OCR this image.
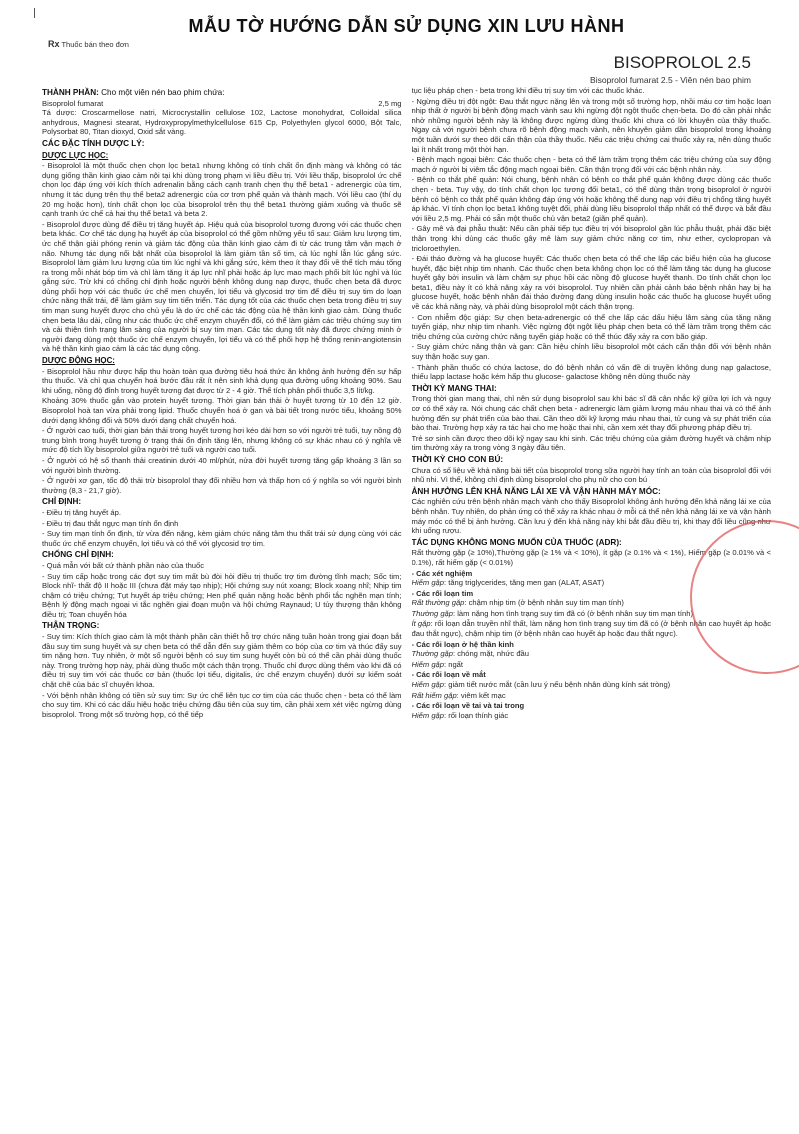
MẪU TỜ HƯỚNG DẪN SỬ DỤNG XIN LƯU HÀNH
Rx Thuốc bán theo đơn
BISOPROLOL 2.5
Bisoprolol fumarat 2.5 - Viên nén bao phim
THÀNH PHẦN: Cho một viên nén bao phim chứa:
Bisoprolol fumarat	2,5 mg

Tá dược: Croscarmellose natri, Microcrystallin cellulose 102, Lactose monohydrat, Colloidal silica anhydrous, Magnesi stearat, Hydroxypropylmethylcellulose 615 Cp, Polyethylen glycol 6000, Bột Talc, Polysorbat 80, Titan dioxyd, Oxid sắt vàng.

CÁC ĐẶC TÍNH DƯỢC LÝ:
DƯỢC LỰC HỌC:

- Bisoprolol là một thuốc chẹn chọn lọc beta1 nhưng không có tính chất ổn định màng và không có tác dụng giống thần kinh giao cảm nội tại khi dùng trong phạm vi liều điều trị. Với liều thấp, bisoprolol ức chế chọn lọc đáp ứng với kích thích adrenalin bằng cách cạnh tranh chẹn thụ thể beta1 - adrenergic của tim, nhưng ít tác dụng trên thụ thể beta2 adrenergic của cơ trơn phế quản và thành mạch. Với liều cao (thí dụ 20 mg hoặc hơn), tính chất chọn lọc của bisoprolol trên thụ thể beta1 thường giảm xuống và thuốc sẽ cạnh tranh ức chế cả hai thụ thể beta1 và beta 2.

- Bisoprolol được dùng để điều trị tăng huyết áp. Hiệu quả của bisoprolol tương đương với các thuốc chẹn beta khác. Cơ chế tác dụng hạ huyết áp của bisoprolol có thể gồm những yếu tố sau: Giảm lưu lượng tim, ức chế thận giải phóng renin và giảm tác động của thần kinh giao cảm đi từ các trung tâm vận mạch ở não. Nhưng tác dụng nổi bật nhất của bisoprolol là làm giảm tần số tim, cả lúc nghỉ lẫn lúc gắng sức. Bisoprolol làm giảm lưu lượng của tim lúc nghỉ và khi gắng sức, kèm theo ít thay đổi về thể tích máu tống ra trong mỗi nhát bóp tim và chỉ làm tăng ít áp lực nhĩ phải hoặc áp lực mao mạch phổi bít lúc nghỉ và lúc gắng sức. Trừ khi có chống chỉ định hoặc người bệnh không dung nạp được, thuốc chẹn beta đã được dùng phối hợp với các thuốc ức chế men chuyển, lợi tiểu và glycosid trợ tim để điều trị suy tim do loạn chức năng thất trái, để làm giảm suy tim tiến triển. Tác dụng tốt của các thuốc chẹn beta trong điều trị suy tim mạn sung huyết được cho chủ yếu là do ức chế các tác động của hệ thần kinh giao cảm. Dùng thuốc chẹn beta lâu dài, cũng như các thuốc ức chế enzym chuyển đổi, có thể làm giảm các triệu chứng suy tim và cải thiện tình trạng lâm sàng của người bị suy tim mạn. Các tác dụng tốt này đã được chứng minh ở người đang dùng một thuốc ức chế enzym chuyển, lợi tiểu và có thể phối hợp hệ thống renin-angiotensin và hệ thần kinh giao cảm là các tác dụng cộng.

DƯỢC ĐỘNG HỌC:

- Bisoprolol hầu như được hấp thu hoàn toàn qua đường tiêu hoá thức ăn không ảnh hưởng đến sự hấp thu thuốc. Và chỉ qua chuyển hoá bước đầu rất ít nên sinh khả dụng qua đường uống khoảng 90%. Sau khi uống, nồng độ đỉnh trong huyết tương đạt được từ 2 - 4 giờ. Thể tích phân phối thuốc 3,5 lít/kg.

Khoảng 30% thuốc gắn vào protein huyết tương. Thời gian bán thải ở huyết tương từ 10 đến 12 giờ. Bisoprolol hoà tan vừa phải trong lipid. Thuốc chuyển hoá ở gan và bài tiết trong nước tiểu, khoảng 50% dưới dạng không đổi và 50% dưới dạng chất chuyển hoá.

- Ở người cao tuổi, thời gian bán thải trong huyết tương hơi kéo dài hơn so với người trẻ tuổi, tuy nồng độ trung bình trong huyết tương ở trạng thái ổn định tăng lên, nhưng không có sự khác nhau có ý nghĩa về mức độ tích lũy bisoprolol giữa người trẻ tuổi và người cao tuổi.

- Ở người có hệ số thanh thải creatinin dưới 40 ml/phút, nửa đời huyết tương tăng gấp khoảng 3 lần so với người bình thường.

- Ở người xơ gan, tốc độ thải trừ bisoprolol thay đổi nhiều hơn và thấp hơn có ý nghĩa so với người bình thường (8,3 - 21,7 giờ).

CHỈ ĐỊNH:

- Điều trị tăng huyết áp.

- Điều trị đau thắt ngực mạn tính ổn định

- Suy tim mạn tính ổn định, từ vừa đến nặng, kèm giảm chức năng tâm thu thất trái sử dụng cùng với các thuốc ức chế enzym chuyển, lợi tiểu và có thể với glycosid trợ tim.

CHỐNG CHỈ ĐỊNH:

- Quá mẫn với bất cứ thành phần nào của thuốc

- Suy tim cấp hoặc trong các đợt suy tim mất bù đòi hỏi điều trị thuốc trợ tim đường tĩnh mạch; Sốc tim; Block nhĩ- thất độ II hoặc III (chưa đặt máy tạo nhịp); Hội chứng suy nút xoang; Block xoang nhĩ; Nhịp tim chậm có triệu chứng; Tụt huyết áp triệu chứng; Hen phế quản nặng hoặc bệnh phổi tắc nghẽn mạn tính; Bệnh lý động mạch ngoại vi tắc nghẽn giai đoạn muộn và hội chứng Raynaud; U tủy thượng thận không điều trị; Toan chuyển hóa

THẬN TRỌNG:

- Suy tim: Kích thích giao cảm là một thành phần cần thiết hỗ trợ chức năng tuần hoàn trong giai đoạn bắt đầu suy tim sung huyết và sự chẹn beta có thể dẫn đến suy giảm thêm co bóp của cơ tim và thúc đẩy suy tim nặng hơn. Tuy nhiên, ở một số người bệnh có suy tim sung huyết còn bù có thể cần phải dùng thuốc này. Trong trường hợp này, phải dùng thuốc một cách thận trọng. Thuốc chỉ được dùng thêm vào khi đã có điều trị suy tim với các thuốc cơ bản (thuốc lợi tiểu, digitalis, ức chế enzym chuyển) dưới sự kiểm soát chặt chẽ của bác sĩ chuyên khoa.

- Với bệnh nhân không có tiền sử suy tim: Sự ức chế liên tục cơ tim của các thuốc chẹn - beta có thể làm cho suy tim. Khi có các dấu hiệu hoặc triệu chứng đầu tiên của suy tim, cần phải xem xét việc ngừng dùng bisoprolol. Trong một số trường hợp, có thể tiếp

tục liệu pháp chẹn - beta trong khi điều trị suy tim với các thuốc khác.

- Ngừng điều trị đột ngột: Đau thắt ngực nặng lên và trong một số trường hợp, nhồi máu cơ tim hoặc loạn nhịp thất ở người bị bệnh động mạch vành sau khi ngừng đột ngột thuốc chẹn-beta. Do đó cần phải nhắc nhở những người bệnh này là không được ngừng dùng thuốc khi chưa có lời khuyên của thầy thuốc. Ngay cả với người bệnh chưa rõ bệnh động mạch vành, nên khuyên giảm dần bisoprolol trong khoảng một tuần dưới sự theo dõi cẩn thận của thầy thuốc. Nếu các triệu chứng cai thuốc xảy ra, nên dùng thuốc lại ít nhất trong một thời hạn.

- Bệnh mạch ngoại biên: Các thuốc chẹn - beta có thể làm trầm trọng thêm các triệu chứng của suy động mạch ở người bị viêm tắc động mạch ngoại biên. Cần thận trọng đối với các bệnh nhân này.

- Bệnh co thắt phế quản: Nói chung, bệnh nhân có bệnh co thắt phế quản không được dùng các thuốc chẹn - beta. Tuy vậy, do tính chất chọn lọc tương đối beta1, có thể dùng thận trọng bisoprolol ở người bệnh có bệnh co thắt phế quản không đáp ứng với hoặc không thể dung nạp với điều trị chống tăng huyết áp khác. Vì tính chọn lọc beta1 không tuyệt đối, phải dùng liều bisoprolol thấp nhất có thể được và bắt đầu với liều 2,5 mg. Phải có sẵn một thuốc chủ vận beta2 (giãn phế quản).

- Gây mê và đại phẫu thuật: Nếu cần phải tiếp tục điều trị với bisoprolol gần lúc phẫu thuật, phải đặc biệt thận trọng khi dùng các thuốc gây mê làm suy giảm chức năng cơ tim, như ether, cyclopropan và tricloroethylen.

- Đái tháo đường và hạ glucose huyết: Các thuốc chẹn beta có thể che lấp các biểu hiện của hạ glucose huyết, đặc biệt nhịp tim nhanh. Các thuốc chẹn beta không chọn lọc có thể làm tăng tác dụng hạ glucose huyết gây bởi insulin và làm chậm sự phục hồi các nồng độ glucose huyết thanh. Do tính chất chọn lọc beta1, điều này ít có khả năng xảy ra với bisoprolol. Tuy nhiên cần phải cảnh báo bệnh nhân hay bị hạ glucose huyết, hoặc bệnh nhân đái tháo đường đang dùng insulin hoặc các thuốc hạ glucose huyết uống về các khả năng này, và phải dùng bisoprolol một cách thận trọng.

- Cơn nhiễm độc giáp: Sự chẹn beta-adrenergic có thể che lấp các dấu hiệu lâm sàng của tăng năng tuyến giáp, như nhịp tim nhanh. Việc ngừng đột ngột liệu pháp chẹn beta có thể làm trầm trọng thêm các triệu chứng của cường chức năng tuyến giáp hoặc có thể thúc đẩy xảy ra cơn bão giáp.

- Suy giảm chức năng thận và gan: Cần hiệu chỉnh liều bisoprolol một cách cẩn thận đối với bệnh nhân suy thận hoặc suy gan.

- Thành phần thuốc có chứa lactose, do đó bệnh nhân có vấn đề di truyền không dung nạp galactose, thiếu lapp lactase hoặc kém hấp thu glucose- galactose không nên dùng thuốc này

THỜI KỲ MANG THAI:

Trong thời gian mang thai, chỉ nên sử dụng bisoprolol sau khi bác sĩ đã cân nhắc kỹ giữa lợi ích và nguy cơ có thể xảy ra. Nói chung các chất chẹn beta - adrenergic làm giảm lượng máu nhau thai và có thể ảnh hưởng đến sự phát triển của bào thai. Cần theo dõi kỹ lượng máu nhau thai, tử cung và sự phát triển của bào thai. Trường hợp xảy ra tác hại cho mẹ hoặc thai nhi, cần xem xét thay đổi phương pháp điều trị.

Trẻ sơ sinh cần được theo dõi kỹ ngay sau khi sinh. Các triệu chứng của giảm đường huyết và chậm nhịp tim thường xảy ra trong vòng 3 ngày đầu tiên.

THỜI KỲ CHO CON BÚ:

Chưa có số liệu về khả năng bài tiết của bisoprolol trong sữa người hay tính an toàn của bisoprolol đối với nhũ nhi. Vì thế, không chỉ định dùng bisoprolol cho phụ nữ cho con bú

ẢNH HƯỞNG LÊN KHẢ NĂNG LÁI XE VÀ VẬN HÀNH MÁY MÓC:

Các nghiên cứu trên bệnh nhân mạch vành cho thấy Bisoprolol không ảnh hưởng đến khả năng lái xe của bệnh nhân. Tuy nhiên, do phản ứng có thể xảy ra khác nhau ở mỗi cá thể nên khả năng lái xe và vận hành máy móc có thể bị ảnh hưởng. Cần lưu ý đến khả năng này khi bắt đầu điều trị, khi thay đổi liều cũng như khi uống rượu.

TÁC DỤNG KHÔNG MONG MUỐN CỦA THUỐC (ADR):

Rất thường gặp (≥ 10%),Thường gặp (≥ 1% và < 10%), ít gặp (≥ 0.1% và < 1%), Hiếm gặp (≥ 0.01% và < 0.1%), rất hiếm gặp (< 0.01%)

- Các xét nghiệm

Hiếm gặp: tăng triglycerides, tăng men gan (ALAT, ASAT)

- Các rối loạn tim

Rất thường gặp: chậm nhịp tim (ở bệnh nhân suy tim mạn tính)

Thường gặp: làm nặng hơn tình trạng suy tim đã có (ở bệnh nhân suy tim mạn tính)

Ít gặp: rối loạn dẫn truyền nhĩ thất, làm nặng hơn tình trạng suy tim đã có (ở bệnh nhân cao huyết áp hoặc đau thắt ngực), chậm nhịp tim (ở bệnh nhân cao huyết áp hoặc đau thắt ngực).

- Các rối loạn ở hệ thần kinh

Thường gặp: chóng mặt, nhức đầu

Hiếm gặp: ngất

- Các rối loạn về mắt

Hiếm gặp: giảm tiết nước mắt (cần lưu ý nếu bệnh nhân dùng kính sát tròng)

Rất hiếm gặp: viêm kết mạc

- Các rối loạn về tai và tai trong

Hiếm gặp: rối loạn thính giác
